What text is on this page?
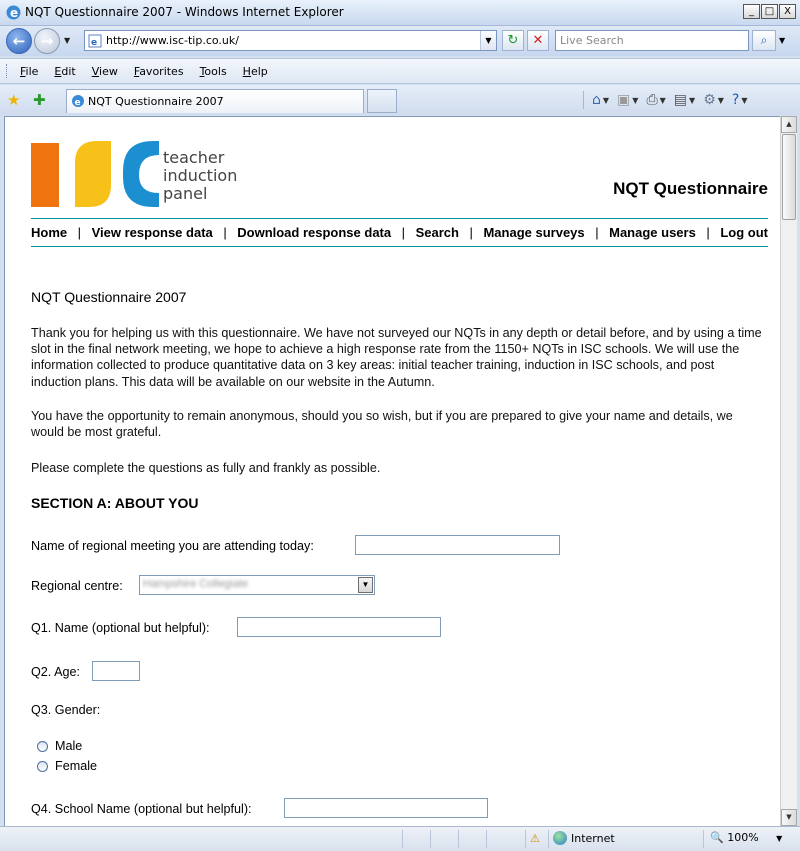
e NQT Questionnaire 2007 - Windows Internet Explorer	_	□ X
←	→	▼ e http://www.isc-tip.co.uk/	▼	↻	✕	Live Search	⌕	▼
File Edit View Favorites Tools Help
★ ✚	e NQT Questionnaire 2007	⌂ ▼ ▣ ▼ ⎙ ▼ ▤ ▼ ⚙ ▼ ? ▼
teacher
induction
panel	NQT Questionnaire
Home | View response data | Download response data | Search | Manage surveys | Manage users | Log out
NQT Questionnaire 2007
Thank you for helping us with this questionnaire. We have not surveyed our NQTs in any depth or detail before, and by using a time slot in the final network meeting, we hope to achieve a high response rate from the 1150+ NQTs in ISC schools. We will use the information collected to produce quantitative data on 3 key areas: initial teacher training, induction in ISC schools, and post induction plans. This data will be available on our website in the Autumn.
You have the opportunity to remain anonymous, should you so wish, but if you are prepared to give your name and details, we would be most grateful.
Please complete the questions as fully and frankly as possible.
SECTION A: ABOUT YOU
Name of regional meeting you are attending today:
Regional centre: Hampshire Collegiate	▼
Q1. Name (optional but helpful):
Q2. Age:
Q3. Gender:
Male
Female
Q4. School Name (optional but helpful):
▲
▼
⚠	Internet	🔍 100% ▼
